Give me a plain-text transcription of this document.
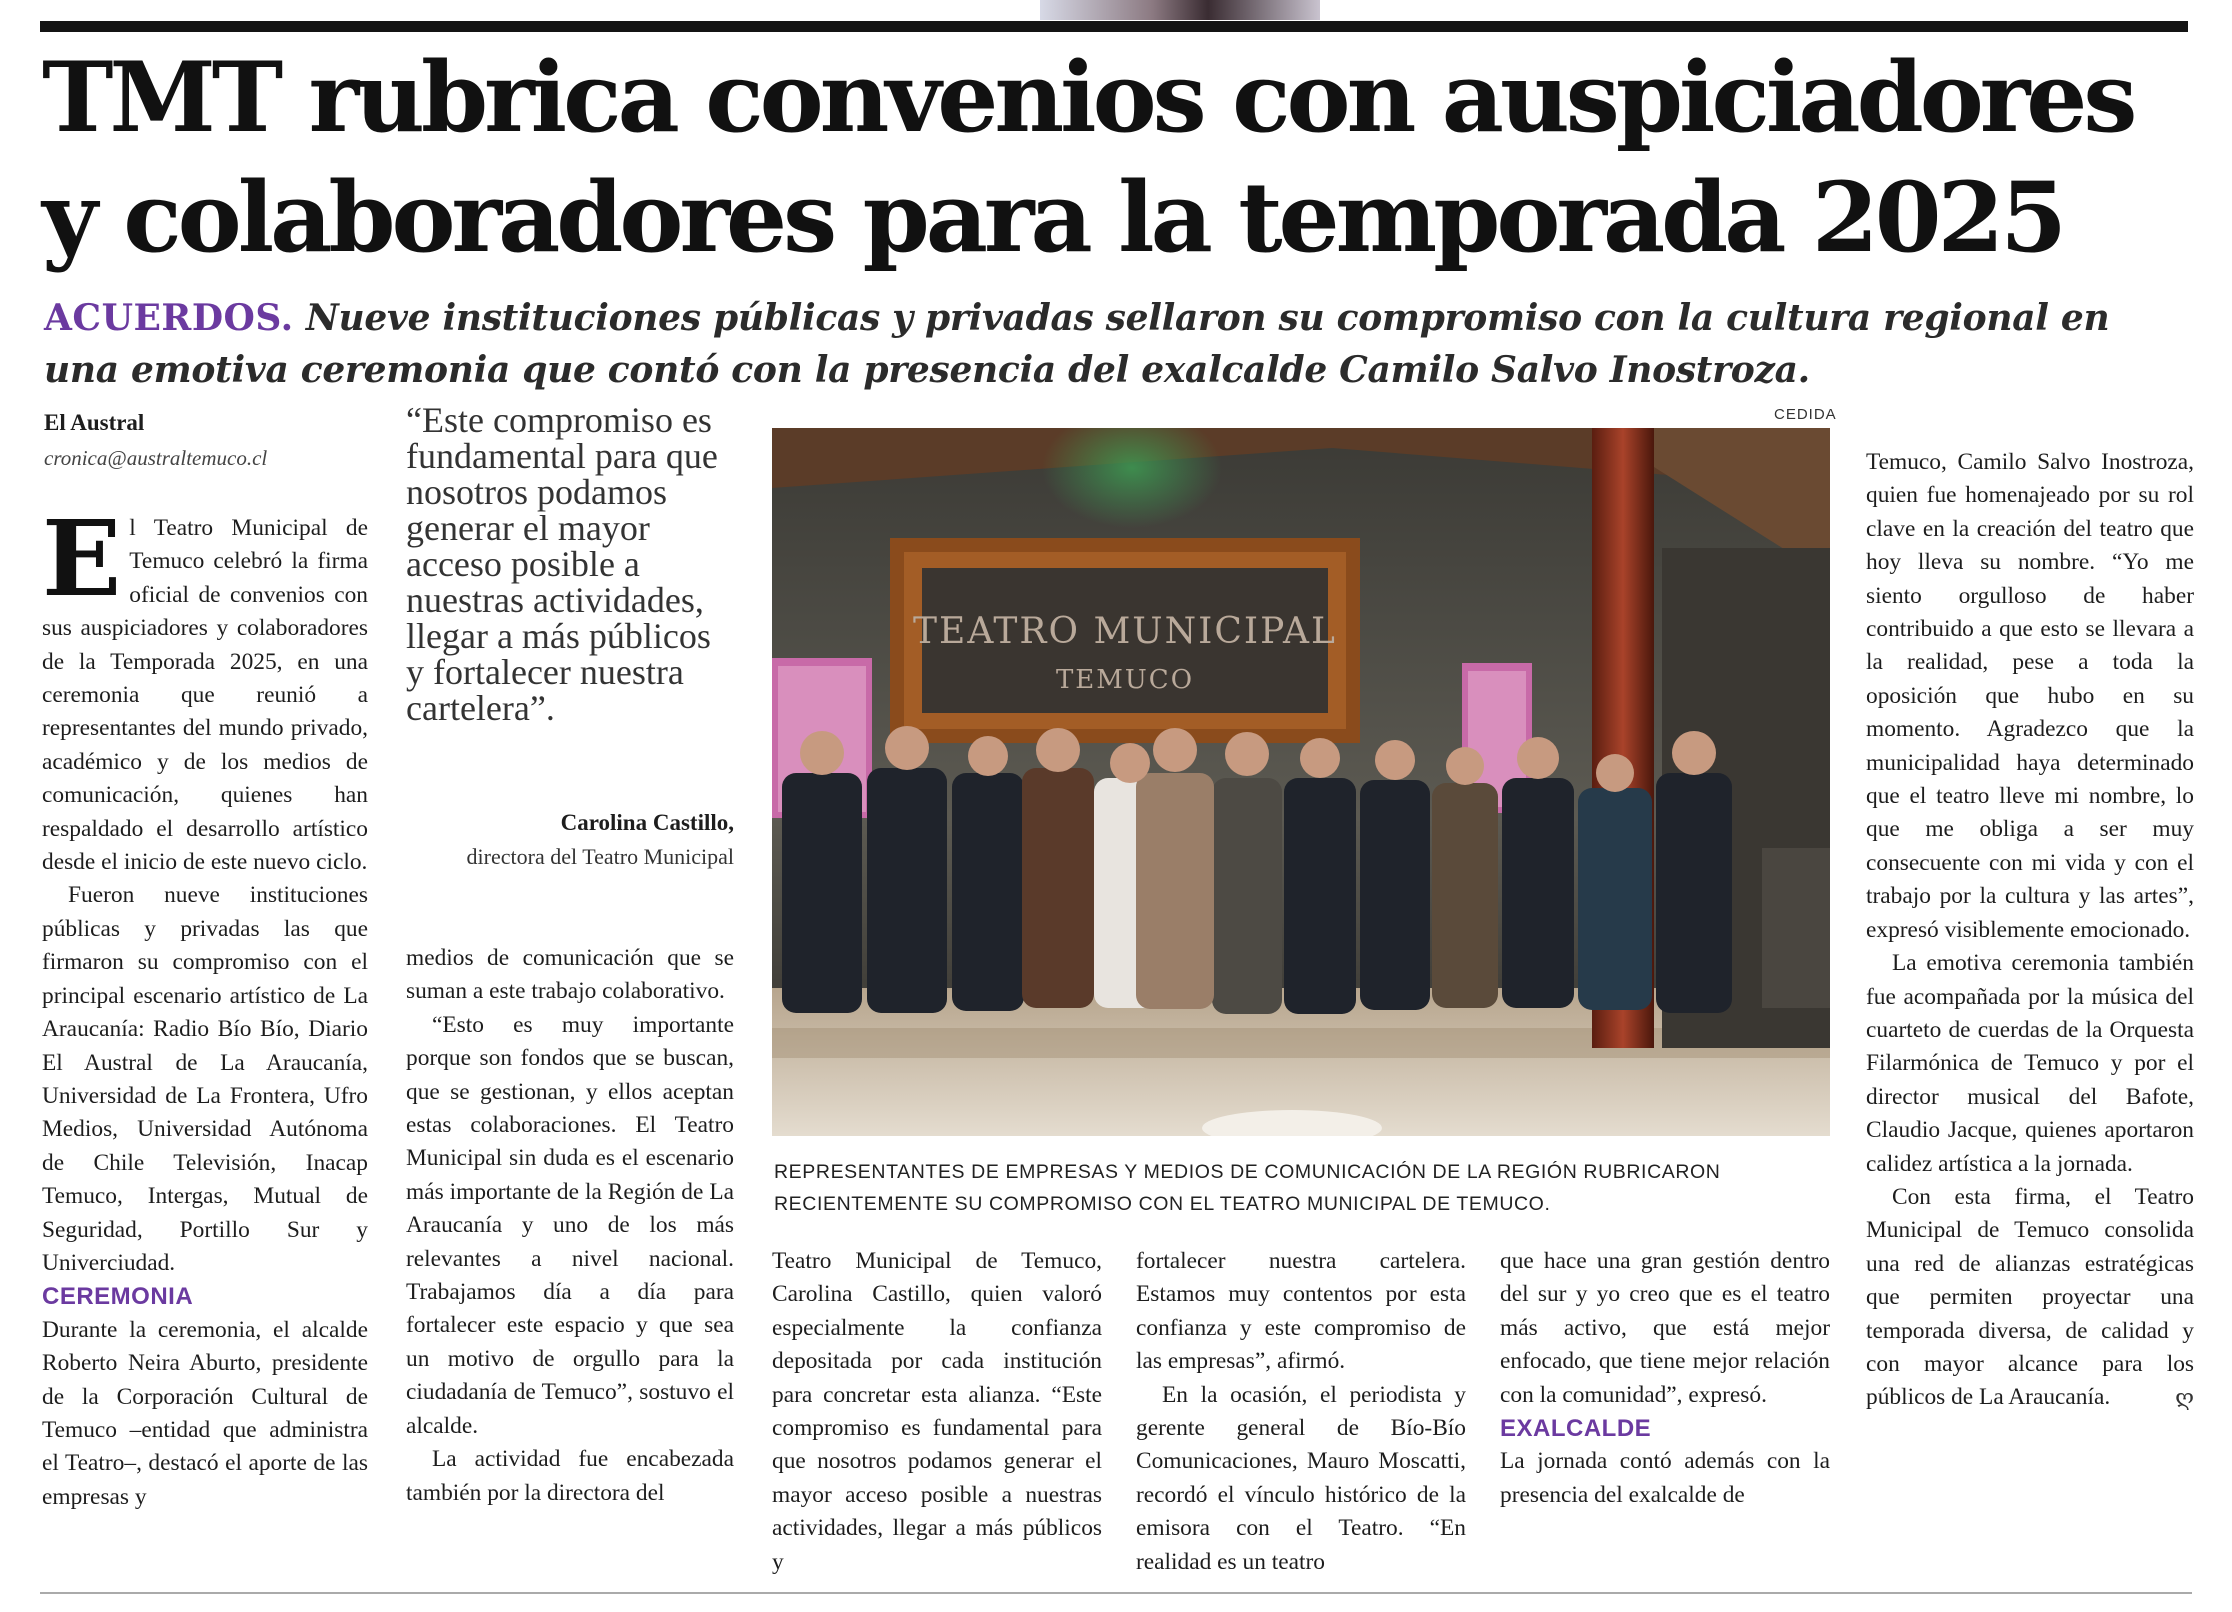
TMT rubrica convenios con auspiciadores y colaboradores para la temporada 2025
ACUERDOS. Nueve instituciones públicas y privadas sellaron su compromiso con la cultura regional en una emotiva ceremonia que contó con la presencia del exalcalde Camilo Salvo Inostroza.
El Austral
cronica@australtemuco.cl

El Teatro Municipal de Temuco celebró la firma oficial de convenios con sus auspiciadores y colaboradores de la Temporada 2025, en una ceremonia que reunió a representantes del mundo privado, académico y de los medios de comunicación, quienes han respaldado el desarrollo artístico desde el inicio de este nuevo ciclo.

Fueron nueve instituciones públicas y privadas las que firmaron su compromiso con el principal escenario artístico de La Araucanía: Radio Bío Bío, Diario El Austral de La Araucanía, Universidad de La Frontera, Ufro Medios, Universidad Autónoma de Chile Televisión, Inacap Temuco, Intergas, Mutual de Seguridad, Portillo Sur y Univerciudad.

CEREMONIA

Durante la ceremonia, el alcalde Roberto Neira Aburto, presidente de la Corporación Cultural de Temuco –entidad que administra el Teatro–, destacó el aporte de las empresas y

“Este compromiso es fundamental para que nosotros podamos generar el mayor acceso posible a nuestras actividades, llegar a más públicos y fortalecer nuestra cartelera”.
Carolina Castillo,
directora del Teatro Municipal

medios de comunicación que se suman a este trabajo colaborativo.

“Esto es muy importante porque son fondos que se buscan, que se gestionan, y ellos aceptan estas colaboraciones. El Teatro Municipal sin duda es el escenario más importante de la Región de La Araucanía y uno de los más relevantes a nivel nacional. Trabajamos día a día para fortalecer este espacio y que sea un motivo de orgullo para la ciudadanía de Temuco”, sostuvo el alcalde.

La actividad fue encabezada también por la directora del

CEDIDA
TEATRO MUNICIPAL
TEMUCO
REPRESENTANTES DE EMPRESAS Y MEDIOS DE COMUNICACIÓN DE LA REGIÓN RUBRICARON RECIENTEMENTE SU COMPROMISO CON EL TEATRO MUNICIPAL DE TEMUCO.

Teatro Municipal de Temuco, Carolina Castillo, quien valoró especialmente la confianza depositada por cada institución para concretar esta alianza. “Este compromiso es fundamental para que nosotros podamos generar el mayor acceso posible a nuestras actividades, llegar a más públicos y

fortalecer nuestra cartelera. Estamos muy contentos por esta confianza y este compromiso de las empresas”, afirmó.

En la ocasión, el periodista y gerente general de Bío-Bío Comunicaciones, Mauro Moscatti, recordó el vínculo histórico de la emisora con el Teatro. “En realidad es un teatro

que hace una gran gestión dentro del sur y yo creo que es el teatro más activo, que está mejor enfocado, que tiene mejor relación con la comunidad”, expresó.

EXALCALDE

La jornada contó además con la presencia del exalcalde de

Temuco, Camilo Salvo Inostroza, quien fue homenajeado por su rol clave en la creación del teatro que hoy lleva su nombre. “Yo me siento orgulloso de haber contribuido a que esto se llevara a la realidad, pese a toda la oposición que hubo en su momento. Agradezco que la municipalidad haya determinado que el teatro lleve mi nombre, lo que me obliga a ser muy consecuente con mi vida y con el trabajo por la cultura y las artes”, expresó visiblemente emocionado.

La emotiva ceremonia también fue acompañada por la música del cuarteto de cuerdas de la Orquesta Filarmónica de Temuco y por el director musical del Bafote, Claudio Jacque, quienes aportaron calidez artística a la jornada.

Con esta firma, el Teatro Municipal de Temuco consolida una red de alianzas estratégicas que permiten proyectar una temporada diversa, de calidad y con mayor alcance para los públicos de La Araucanía.	ღ
